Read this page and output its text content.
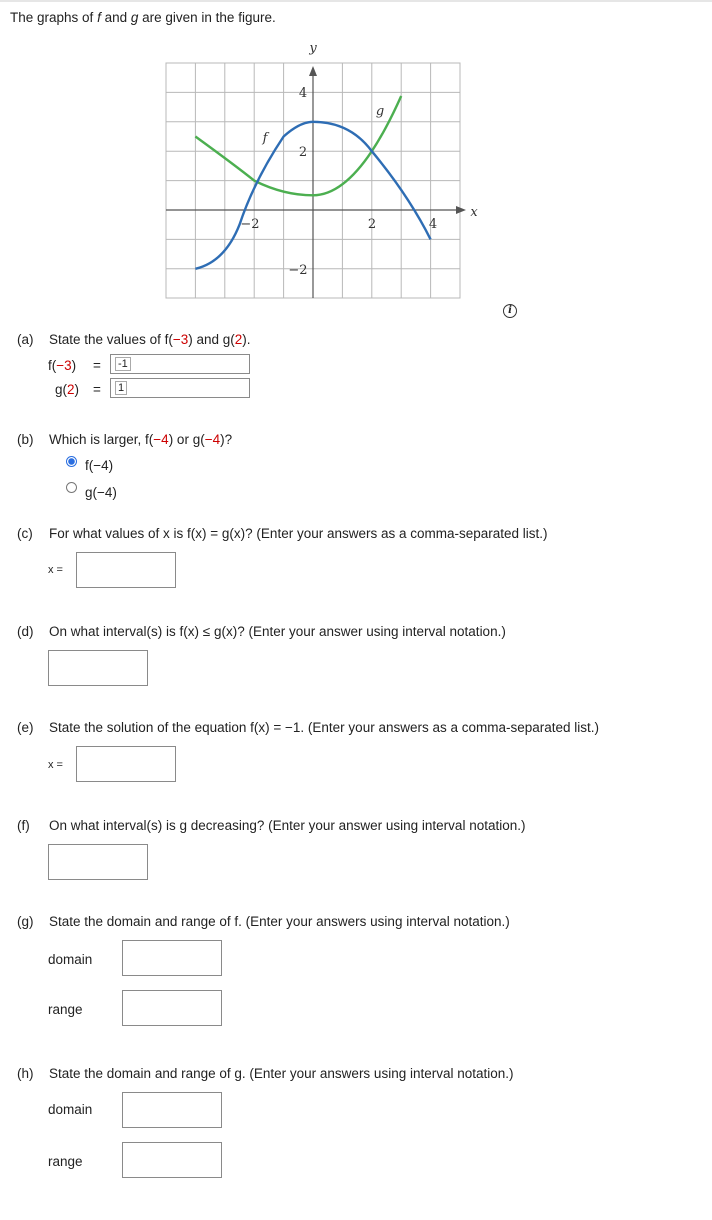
The graphs of f and g are given in the figure.
x
y
f
g
−2	2	4
4
2
−2
i
(a) State the values of f(−3) and g(2).
f(−3) =	-1
g(2) =	1
(b) Which is larger, f(−4) or g(−4)?
f(−4)
g(−4)
(c) For what values of x is f(x) = g(x)? (Enter your answers as a comma-separated list.)
x =
(d) On what interval(s) is f(x) ≤ g(x)? (Enter your answer using interval notation.)
(e) State the solution of the equation f(x) = −1. (Enter your answers as a comma-separated list.)
x =
(f) On what interval(s) is g decreasing? (Enter your answer using interval notation.)
(g) State the domain and range of f. (Enter your answers using interval notation.)
domain
range
(h) State the domain and range of g. (Enter your answers using interval notation.)
domain
range
